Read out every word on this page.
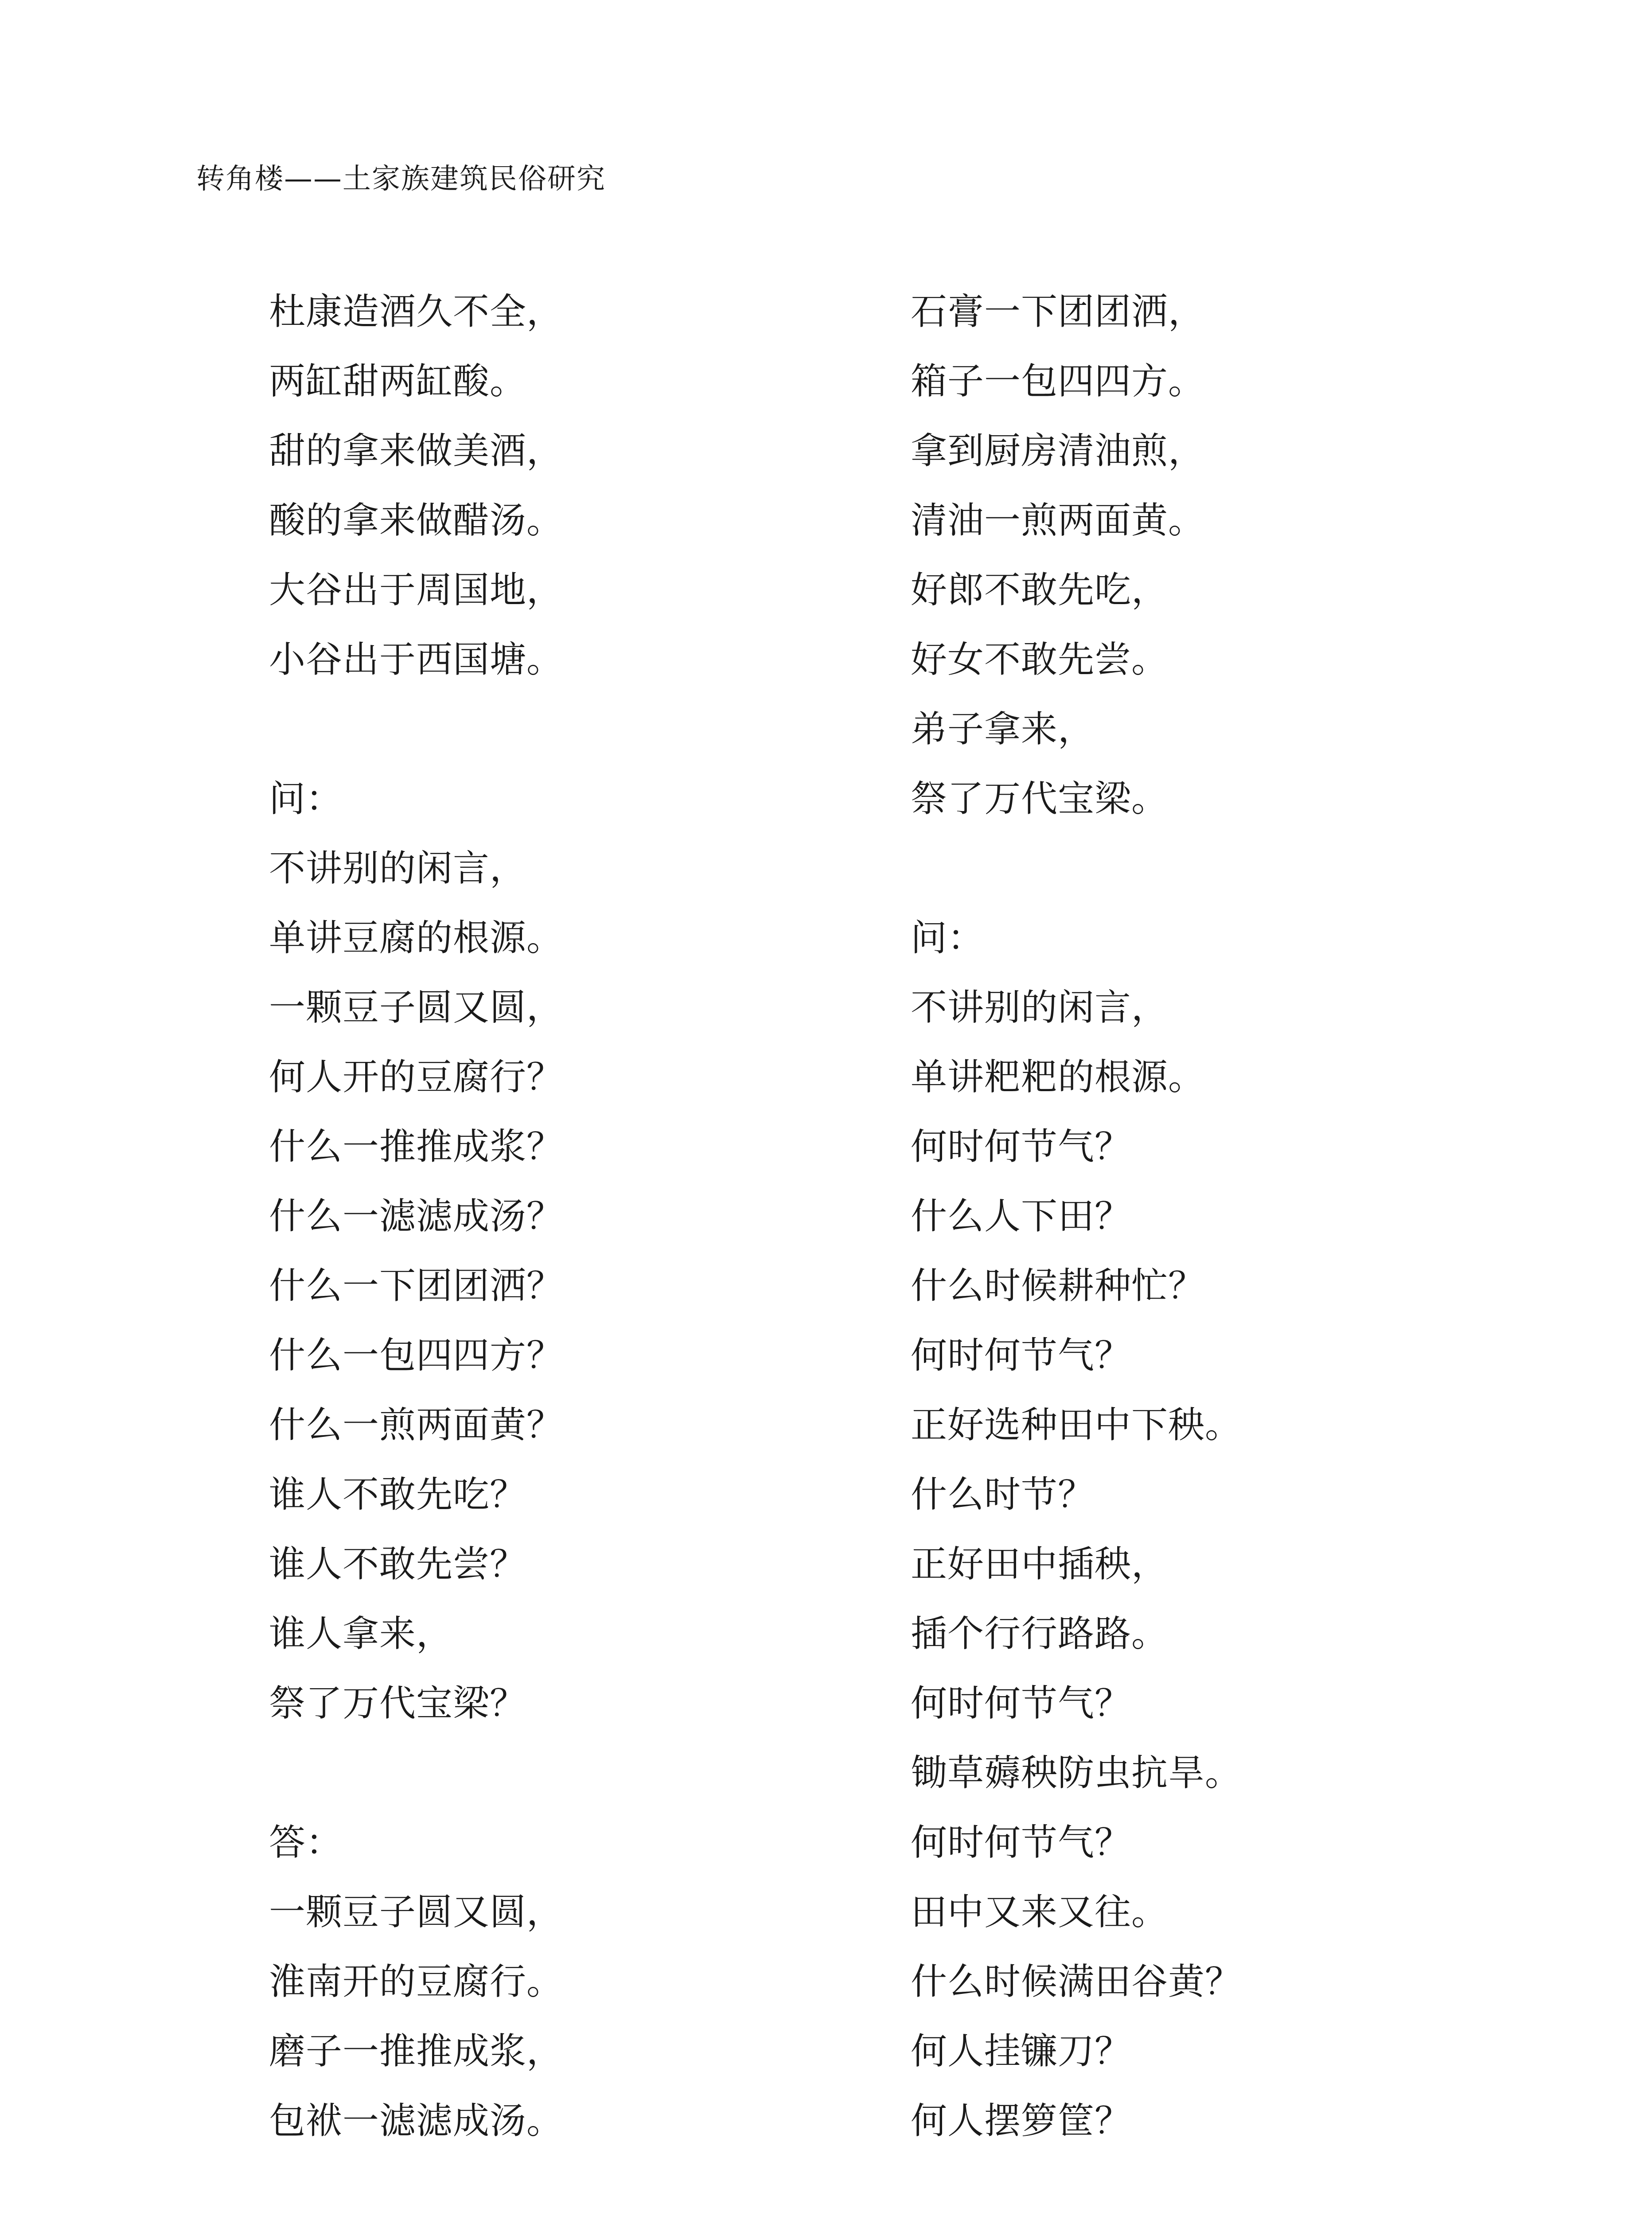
转角楼——土家族建筑民俗研究
杜康造酒久不全，
两缸甜两缸酸。
甜的拿来做美酒，
酸的拿来做醋汤。
大谷出于周国地，
小谷出于西国塘。
问：
不讲别的闲言，
单讲豆腐的根源。
一颗豆子圆又圆，
何人开的豆腐行？
什么一推推成浆？
什么一滤滤成汤？
什么一下团团洒？
什么一包四四方？
什么一煎两面黄？
谁人不敢先吃？
谁人不敢先尝？
谁人拿来，
祭了万代宝梁？
答：
一颗豆子圆又圆，
淮南开的豆腐行。
磨子一推推成浆，
包袱一滤滤成汤。
石膏一下团团洒，
箱子一包四四方。
拿到厨房清油煎，
清油一煎两面黄。
好郎不敢先吃，
好女不敢先尝。
弟子拿来，
祭了万代宝梁。
问：
不讲别的闲言，
单讲粑粑的根源。
何时何节气？
什么人下田？
什么时候耕种忙？
何时何节气？
正好选种田中下秧。
什么时节？
正好田中插秧，
插个行行路路。
何时何节气？
锄草薅秧防虫抗旱。
何时何节气？
田中又来又往。
什么时候满田谷黄？
何人挂镰刀？
何人摆箩筐？
